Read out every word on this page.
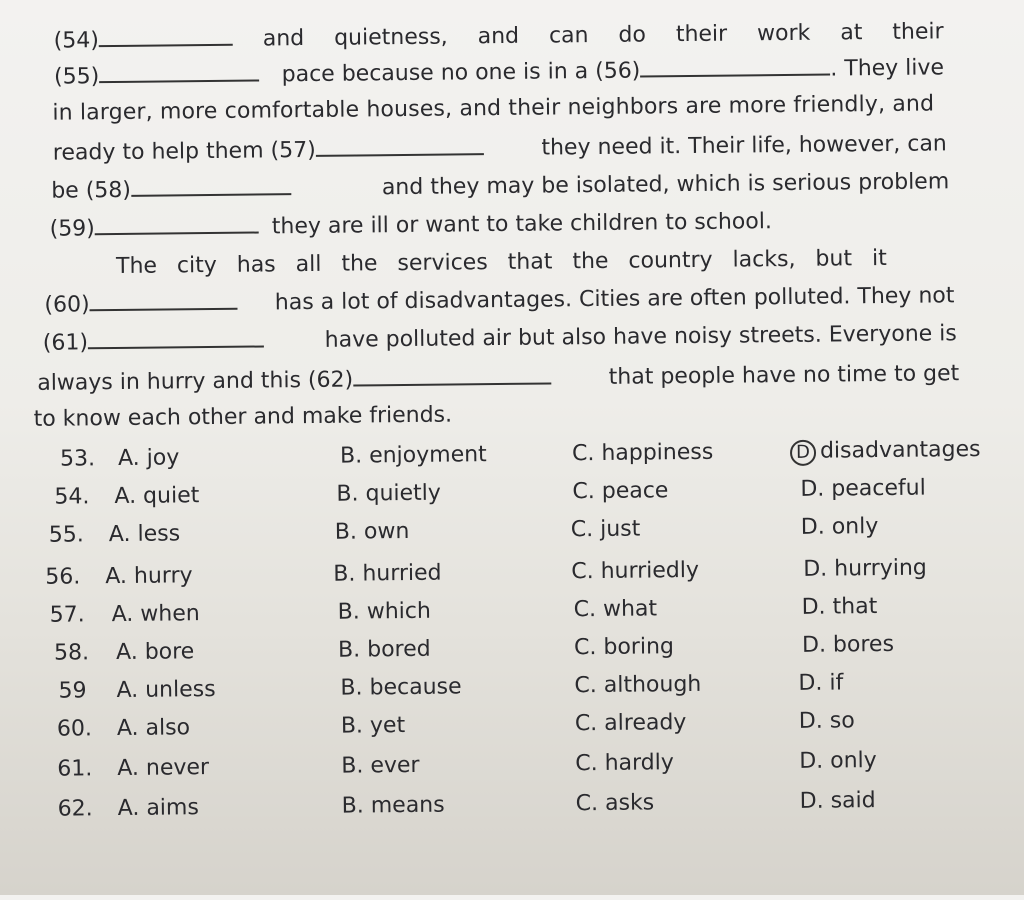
(54)	and quietness, and can do their work at their
(55)	pace because no one is in a (56)	. They live
in larger, more comfortable houses, and their neighbors are more friendly, and
ready to help them (57)	they need it. Their life, however, can
be (58)	and they may be isolated, which is serious problem
(59)	they are ill or want to take children to school.
The city has all the services that the country lacks, but it
(60)	has a lot of disadvantages. Cities are often polluted. They not
(61)	have polluted air but also have noisy streets. Everyone is
always in hurry and this (62)	that people have no time to get
to know each other and make friends.
53. A. joy	B. enjoyment	C. happiness	D disadvantages
54. A. quiet	B. quietly	C. peace	D. peaceful
55. A. less	B. own	C. just	D. only
56. A. hurry	B. hurried	C. hurriedly	D. hurrying
57. A. when	B. which	C. what	D. that
58. A. bore	B. bored	C. boring	D. bores
59 A. unless	B. because	C. although	D. if
60. A. also	B. yet	C. already	D. so
61. A. never	B. ever	C. hardly	D. only
62. A. aims	B. means	C. asks	D. said
